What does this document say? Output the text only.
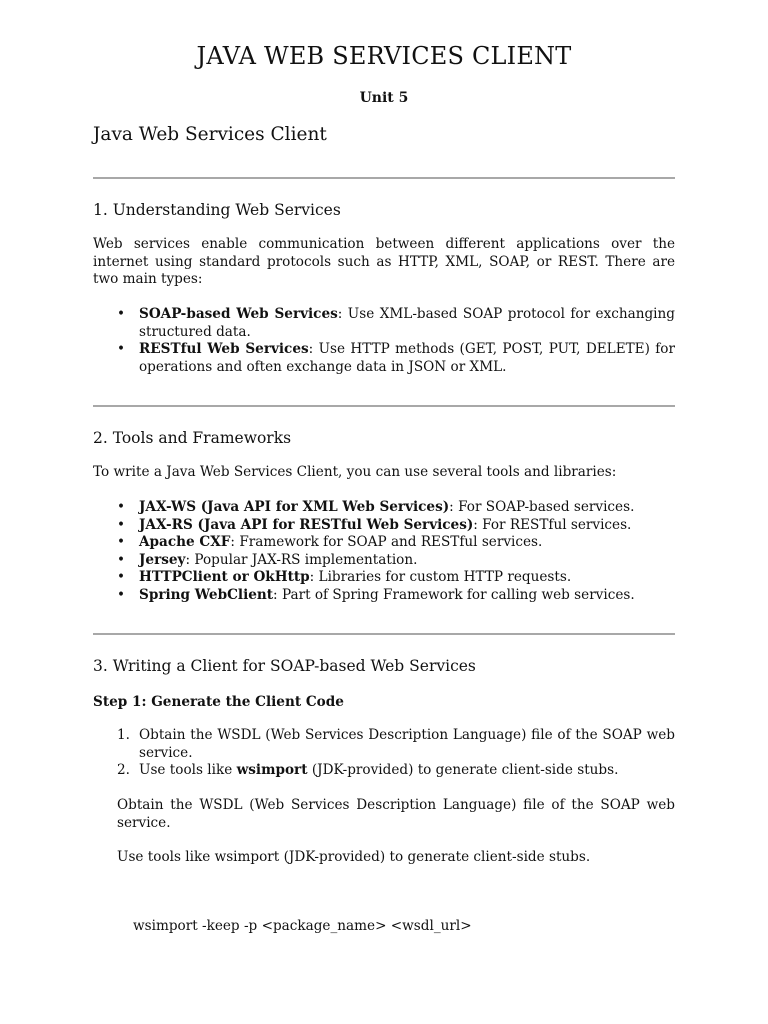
JAVA WEB SERVICES CLIENT
Unit 5
Java Web Services Client
1. Understanding Web Services

Web services enable communication between different applications over the internet using standard protocols such as HTTP, XML, SOAP, or REST. There are two main types:

• SOAP-based Web Services: Use XML-based SOAP protocol for exchanging structured data.
• RESTful Web Services: Use HTTP methods (GET, POST, PUT, DELETE) for operations and often exchange data in JSON or XML.
2. Tools and Frameworks

To write a Java Web Services Client, you can use several tools and libraries:

• JAX-WS (Java API for XML Web Services): For SOAP-based services.
• JAX-RS (Java API for RESTful Web Services): For RESTful services.
• Apache CXF: Framework for SOAP and RESTful services.
• Jersey: Popular JAX-RS implementation.
• HTTPClient or OkHttp: Libraries for custom HTTP requests.
• Spring WebClient: Part of Spring Framework for calling web services.
3. Writing a Client for SOAP-based Web Services
Step 1: Generate the Client Code
1. Obtain the WSDL (Web Services Description Language) file of the SOAP web service.
2. Use tools like wsimport (JDK-provided) to generate client-side stubs.

Obtain the WSDL (Web Services Description Language) file of the SOAP web service.

Use tools like wsimport (JDK-provided) to generate client-side stubs.

wsimport -keep -p <package_name> <wsdl_url>
